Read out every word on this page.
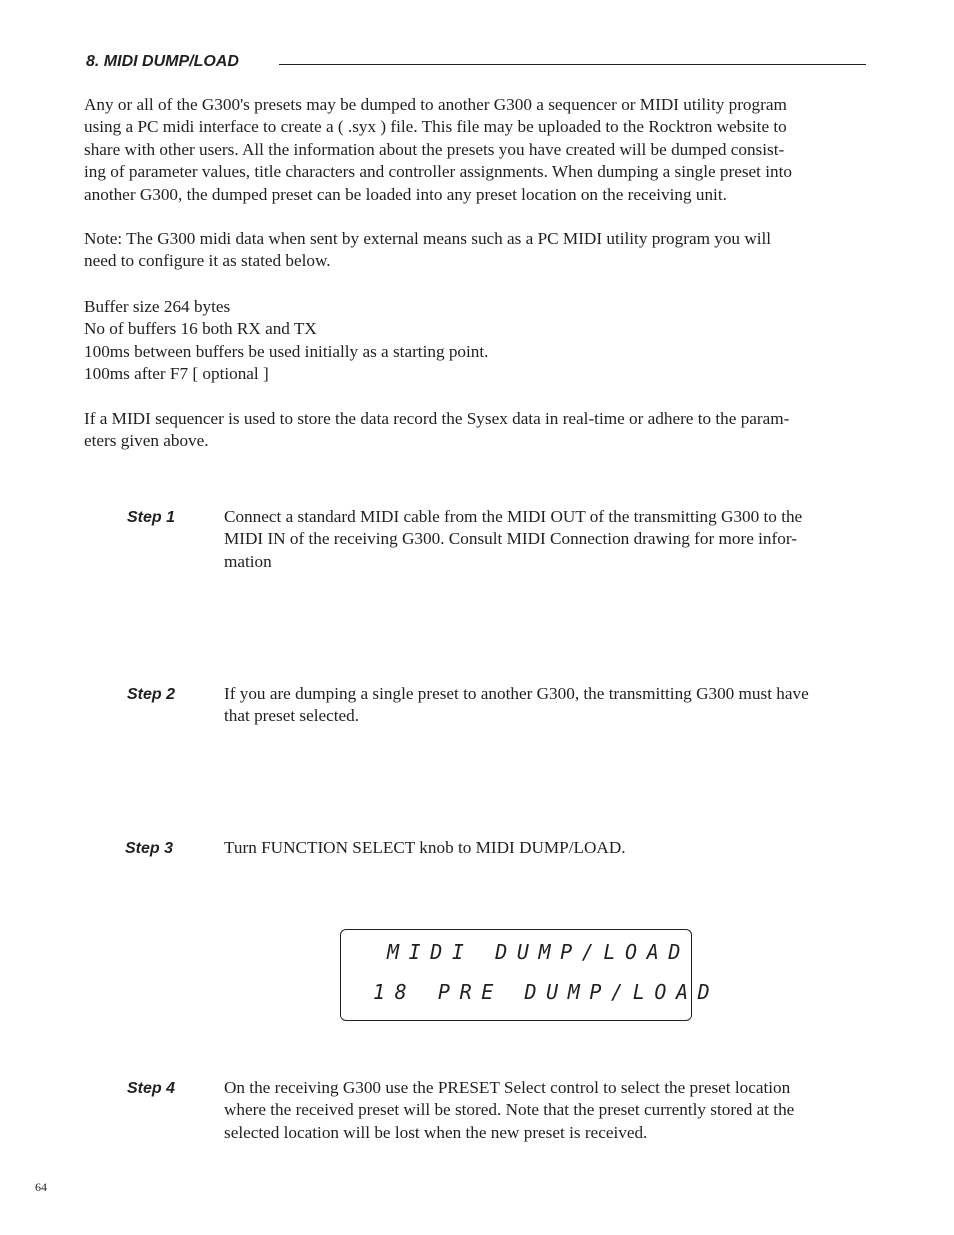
8. MIDI DUMP/LOAD

Any or all of the G300's presets may be dumped to another G300 a sequencer or MIDI utility program
using a PC midi interface to create a ( .syx ) file. This file may be uploaded to the Rocktron website to
share with other users. All the information about the presets you have created will be dumped consist-
ing of parameter values, title characters and controller assignments. When dumping a single preset into
another G300, the dumped preset can be loaded into any preset location on the receiving unit.

Note: The G300 midi data when sent by external means such as a PC MIDI utility program you will
need to configure it as stated below.

Buffer size 264 bytes
No of buffers 16 both RX and TX
100ms between buffers be used initially as a starting point.
100ms after F7 [ optional ]

If a MIDI sequencer is used to store the data record the Sysex data in real-time or adhere to the param-
eters given above.

Step 1	Connect a standard MIDI cable from the MIDI OUT of the transmitting G300 to the
MIDI IN of the receiving G300. Consult MIDI Connection drawing for more infor-
mation

Step 2	If you are dumping a single preset to another G300, the transmitting G300 must have
that preset selected.

Step 3	Turn FUNCTION SELECT knob to MIDI DUMP/LOAD.

MIDI DUMP/LOAD
18 PRE DUMP/LOAD
Step 4	On the receiving G300 use the PRESET Select control to select the preset location
where the received preset will be stored. Note that the preset currently stored at the
selected location will be lost when the new preset is received.

64
